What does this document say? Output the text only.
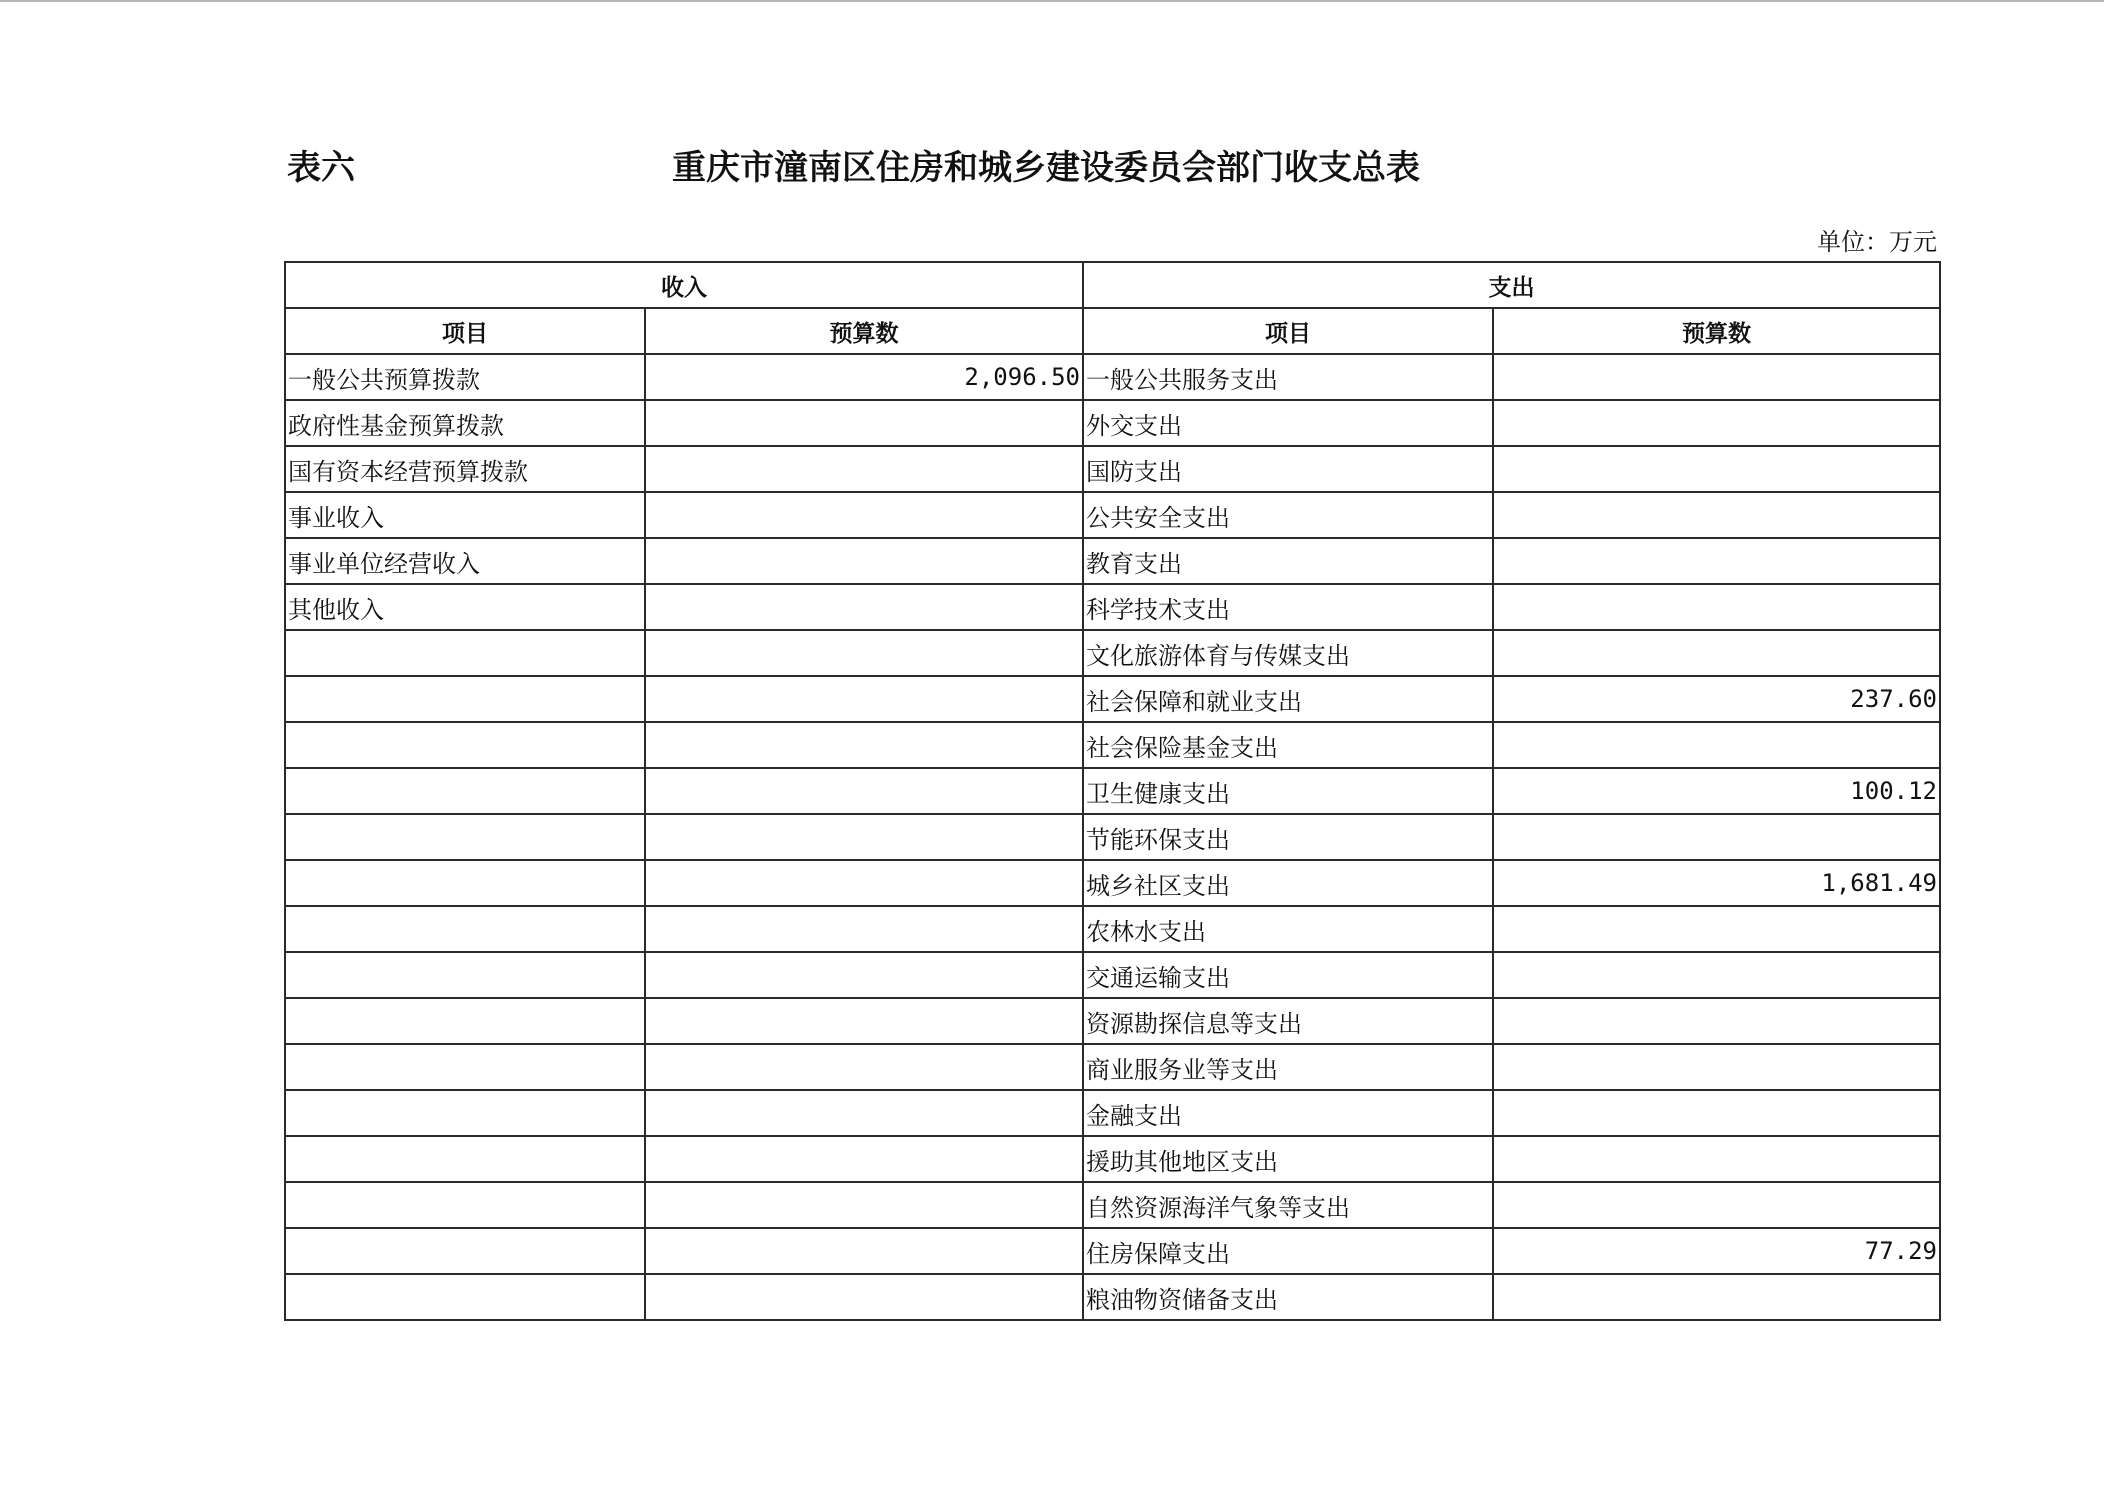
表六	重庆市潼南区住房和城乡建设委员会部门收支总表
单位：万元
收入		支出	
项目	预算数	项目	预算数
一般公共预算拨款	2,096.50	一般公共服务支出	
政府性基金预算拨款		外交支出	
国有资本经营预算拨款		国防支出	
事业收入		公共安全支出	
事业单位经营收入		教育支出	
其他收入		科学技术支出	
		文化旅游体育与传媒支出	
		社会保障和就业支出	237.60
		社会保险基金支出	
		卫生健康支出	100.12
		节能环保支出	
		城乡社区支出	1,681.49
		农林水支出	
		交通运输支出	
		资源勘探信息等支出	
		商业服务业等支出	
		金融支出	
		援助其他地区支出	
		自然资源海洋气象等支出	
		住房保障支出	77.29
		粮油物资储备支出	
